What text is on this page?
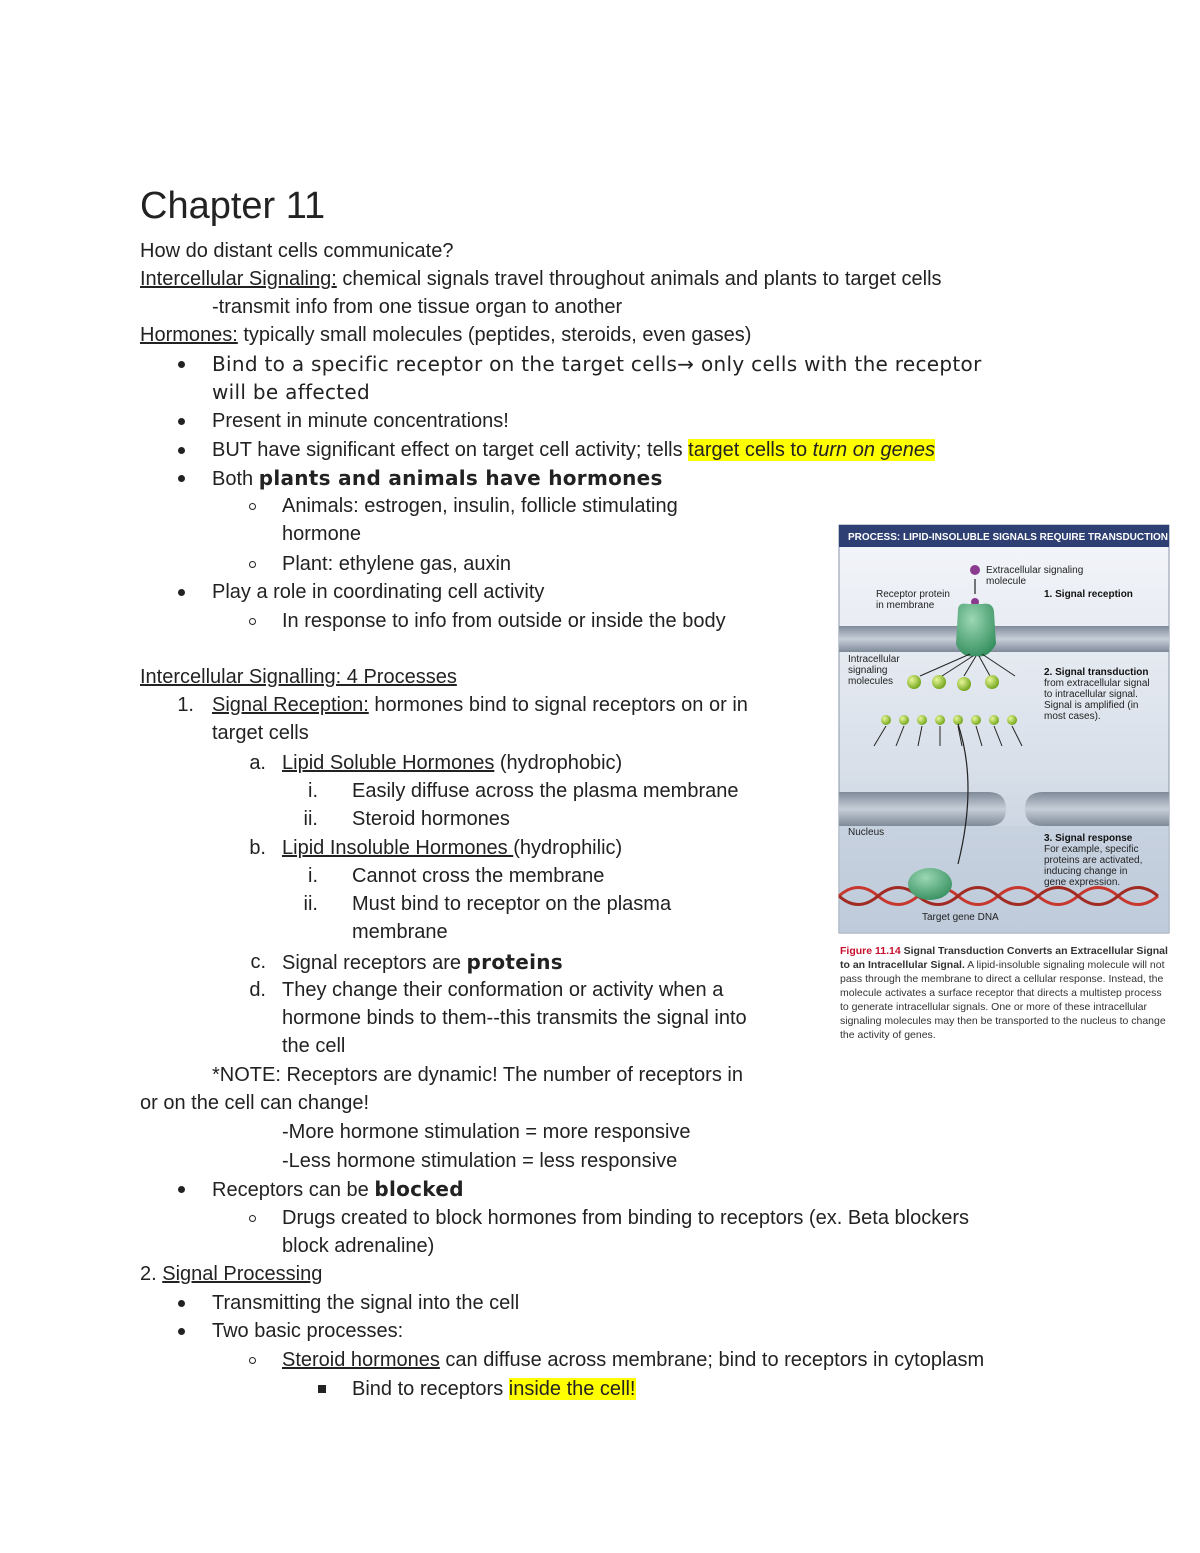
Chapter 11
How do distant cells communicate?
Intercellular Signaling: chemical signals travel throughout animals and plants to target cells
-transmit info from one tissue organ to another
Hormones: typically small molecules (peptides, steroids, even gases)
Bind to a specific receptor on the target cells→ only cells with the receptor
will be affected
Present in minute concentrations!
BUT have significant effect on target cell activity; tells target cells to turn on genes
Both plants and animals have hormones
Animals: estrogen, insulin, follicle stimulating
hormone
Plant: ethylene gas, auxin
Play a role in coordinating cell activity
In response to info from outside or inside the body
Intercellular Signalling: 4 Processes
1. Signal Reception: hormones bind to signal receptors on or in
target cells
a. Lipid Soluble Hormones (hydrophobic)
i. Easily diffuse across the plasma membrane
ii. Steroid hormones
b. Lipid Insoluble Hormones (hydrophilic)
i. Cannot cross the membrane
ii. Must bind to receptor on the plasma
membrane
c. Signal receptors are proteins
d. They change their conformation or activity when a
hormone binds to them--this transmits the signal into
the cell
*NOTE: Receptors are dynamic! The number of receptors in
or on the cell can change!
-More hormone stimulation = more responsive
-Less hormone stimulation = less responsive
Receptors can be blocked
Drugs created to block hormones from binding to receptors (ex. Beta blockers
block adrenaline)
2. Signal Processing
Transmitting the signal into the cell
Two basic processes:
Steroid hormones can diffuse across membrane; bind to receptors in cytoplasm
Bind to receptors inside the cell!
PROCESS: LIPID-INSOLUBLE SIGNALS REQUIRE TRANSDUCTION
Extracellular signaling
molecule
Receptor protein
in membrane
1. Signal reception
Intracellular
signaling
molecules
2. Signal transduction
from extracellular signal
to intracellular signal.
Signal is amplified (in
most cases).
Nucleus
3. Signal response
For example, specific
proteins are activated,
inducing change in
gene expression.
Target gene DNA
Figure 11.14 Signal Transduction Converts an Extracellular Signal to an Intracellular Signal. A lipid-insoluble signaling molecule will not pass through the membrane to direct a cellular response. Instead, the molecule activates a surface receptor that directs a multistep process to generate intracellular signals. One or more of these intracellular signaling molecules may then be transported to the nucleus to change the activity of genes.
